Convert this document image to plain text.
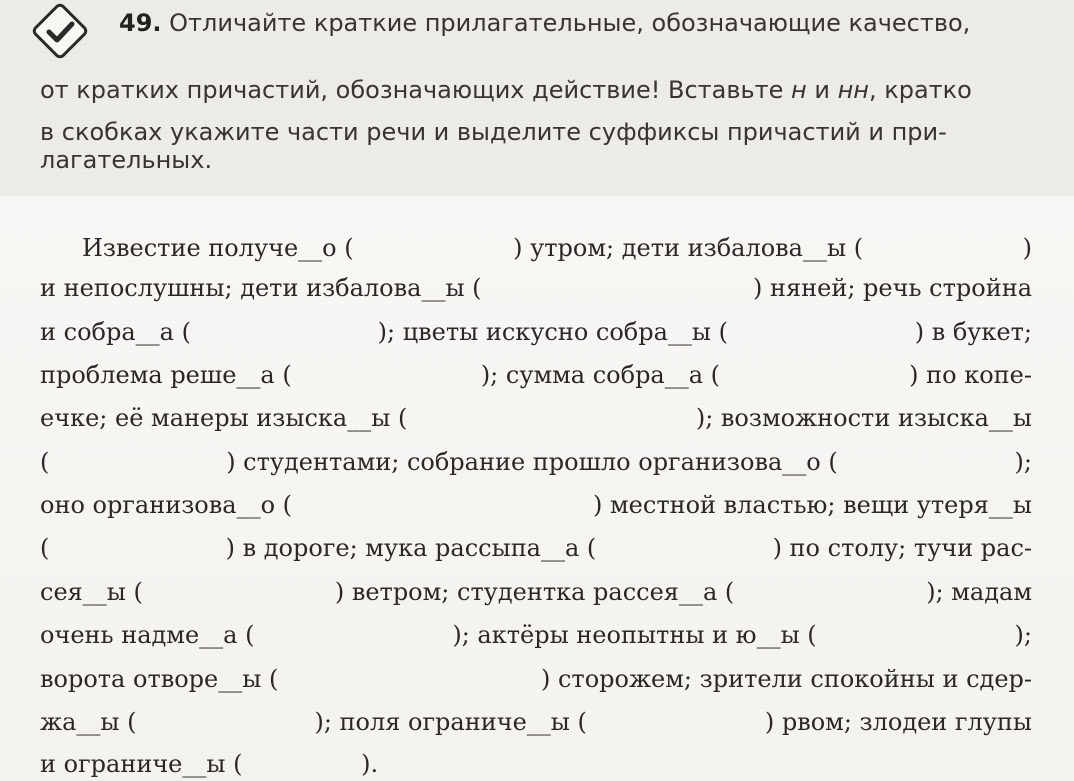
49. Отличайте краткие прилагательные, обозначающие качество,
от кратких причастий, обозначающих действие! Вставьте н и нн, кратко
в скобках укажите части речи и выделите суффиксы причастий и при-
лагательных.
Известие получе__о (	) утром; дети избалова__ы (	)
и непослушны; дети избалова__ы (	) няней; речь стройна
и собра__а (	); цветы искусно собра__ы (	) в букет;
проблема реше__а (	); сумма собра__а (	) по копе-
ечке; её манеры изыска__ы (	); возможности изыска__ы
(	) студентами; собрание прошло организова__о (	);
оно организова__о (	) местной властью; вещи утеря__ы
(	) в дороге; мука рассыпа__а (	) по столу; тучи рас-
сея__ы (	) ветром; студентка рассея__а (	); мадам
очень надме__а (	); актёры неопытны и ю__ы (	);
ворота отворе__ы (	) сторожем; зрители спокойны и сдер-
жа__ы (	); поля ограниче__ы (	) рвом; злодеи глупы
и ограниче__ы (	).
